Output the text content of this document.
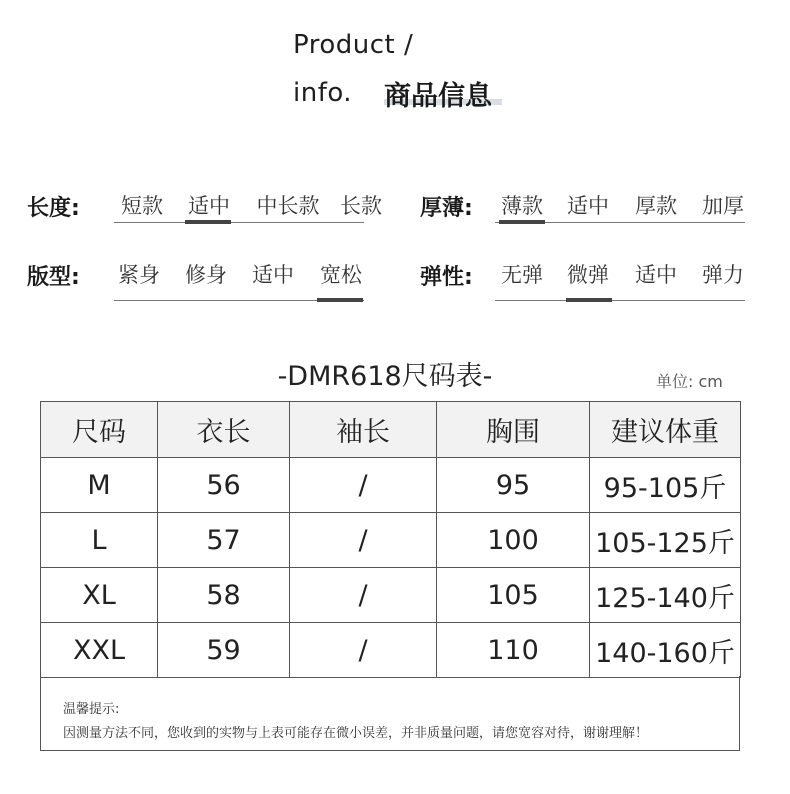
Product /
info. 商品信息
长度: 短款 适中 中长款 长款 厚薄: 薄款 适中 厚款 加厚
版型: 紧身 修身 适中 宽松	弹性: 无弹 微弹 适中 弹力
-DMR618尺码表-	单位: cm
尺码	衣长	袖长	胸围	建议体重
M	56	/	95	95-105斤
L	57	/	100	105-125斤
XL	58	/	105	125-140斤
XXL	59	/	110	140-160斤
温馨提示:
因测量方法不同，您收到的实物与上表可能存在微小误差，并非质量问题，请您宽容对待，谢谢理解！
